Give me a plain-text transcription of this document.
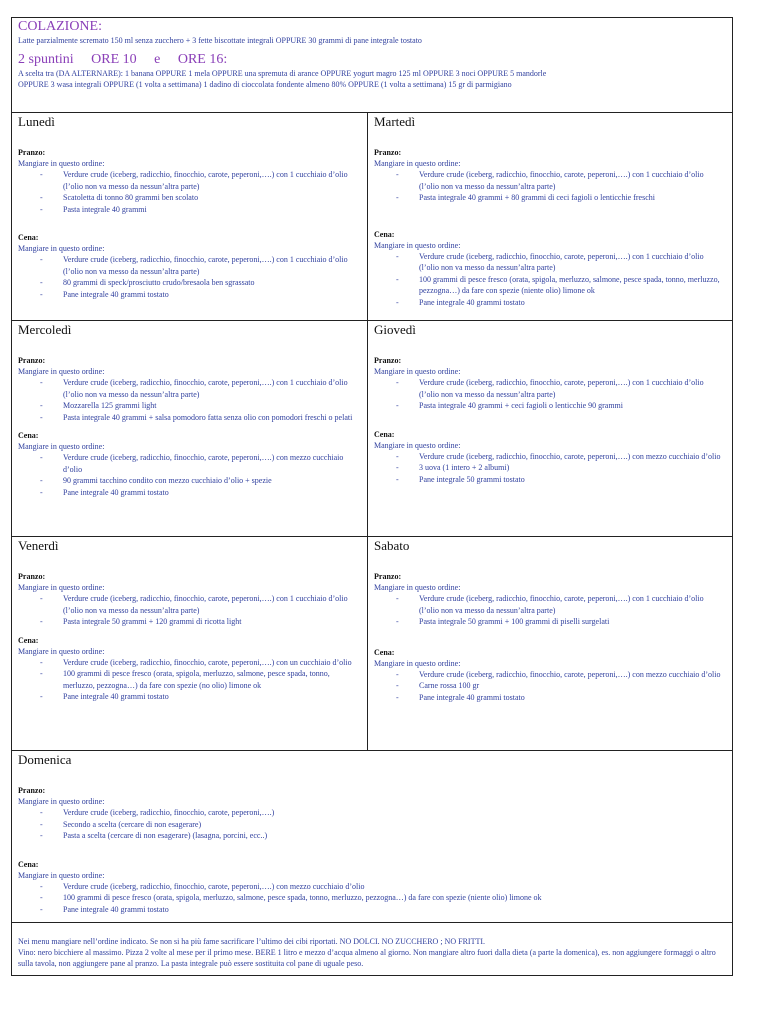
COLAZIONE:
Latte parzialmente scremato 150 ml senza zucchero + 3 fette biscottate integrali OPPURE 30 grammi di pane integrale tostato
2 spuntini ORE 10 e ORE 16:
A scelta tra (DA ALTERNARE): 1 banana OPPURE 1 mela OPPURE una spremuta di arance OPPURE yogurt magro 125 ml OPPURE 3 noci OPPURE 5 mandorle
OPPURE 3 wasa integrali OPPURE (1 volta a settimana) 1 dadino di cioccolata fondente almeno 80% OPPURE (1 volta a settimana) 15 gr di parmigiano
Lunedì
Pranzo:
Mangiare in questo ordine:
- Verdure crude (iceberg, radicchio, finocchio, carote, peperoni,….) con 1 cucchiaio d’olio (l’olio non va messo da nessun’altra parte)
- Scatoletta di tonno 80 grammi ben scolato
- Pasta integrale 40 grammi
Cena:
Mangiare in questo ordine:
- Verdure crude (iceberg, radicchio, finocchio, carote, peperoni,….) con 1 cucchiaio d’olio (l’olio non va messo da nessun’altra parte)
- 80 grammi di speck/prosciutto crudo/bresaola ben sgrassato
- Pane integrale 40 grammi tostato
Martedì
Pranzo:
Mangiare in questo ordine:
- Verdure crude (iceberg, radicchio, finocchio, carote, peperoni,….) con 1 cucchiaio d’olio (l’olio non va messo da nessun’altra parte)
- Pasta integrale 40 grammi + 80 grammi di ceci fagioli o lenticchie freschi
Cena:
Mangiare in questo ordine:
- Verdure crude (iceberg, radicchio, finocchio, carote, peperoni,….) con 1 cucchiaio d’olio (l’olio non va messo da nessun’altra parte)
- 100 grammi di pesce fresco (orata, spigola, merluzzo, salmone, pesce spada, tonno, merluzzo, pezzogna…) da fare con spezie (niente olio) limone ok
- Pane integrale 40 grammi tostato
Mercoledì
Pranzo:
Mangiare in questo ordine:
- Verdure crude (iceberg, radicchio, finocchio, carote, peperoni,….) con 1 cucchiaio d’olio (l’olio non va messo da nessun’altra parte)
- Mozzarella 125 grammi light
- Pasta integrale 40 grammi + salsa pomodoro fatta senza olio con pomodori freschi o pelati
Cena:
Mangiare in questo ordine:
- Verdure crude (iceberg, radicchio, finocchio, carote, peperoni,….) con mezzo cucchiaio d’olio
- 90 grammi tacchino condito con mezzo cucchiaio d’olio + spezie
- Pane integrale 40 grammi tostato
Giovedì
Pranzo:
Mangiare in questo ordine:
- Verdure crude (iceberg, radicchio, finocchio, carote, peperoni,….) con 1 cucchiaio d’olio (l’olio non va messo da nessun’altra parte)
- Pasta integrale 40 grammi + ceci fagioli o lenticchie 90 grammi
Cena:
Mangiare in questo ordine:
- Verdure crude (iceberg, radicchio, finocchio, carote, peperoni,….) con mezzo cucchiaio d’olio
- 3 uova (1 intero + 2 albumi)
- Pane integrale 50 grammi tostato
Venerdì
Pranzo:
Mangiare in questo ordine:
- Verdure crude (iceberg, radicchio, finocchio, carote, peperoni,….) con 1 cucchiaio d’olio (l’olio non va messo da nessun’altra parte)
- Pasta integrale 50 grammi + 120 grammi di ricotta light
Cena:
Mangiare in questo ordine:
- Verdure crude (iceberg, radicchio, finocchio, carote, peperoni,….) con un cucchiaio d’olio
- 100 grammi di pesce fresco (orata, spigola, merluzzo, salmone, pesce spada, tonno, merluzzo, pezzogna…) da fare con spezie (no olio) limone ok
- Pane integrale 40 grammi tostato
Sabato
Pranzo:
Mangiare in questo ordine:
- Verdure crude (iceberg, radicchio, finocchio, carote, peperoni,….) con 1 cucchiaio d’olio (l’olio non va messo da nessun’altra parte)
- Pasta integrale 50 grammi + 100 grammi di piselli surgelati
Cena:
Mangiare in questo ordine:
- Verdure crude (iceberg, radicchio, finocchio, carote, peperoni,….) con mezzo cucchiaio d’olio
- Carne rossa 100 gr
- Pane integrale 40 grammi tostato
Domenica
Pranzo:
Mangiare in questo ordine:
- Verdure crude (iceberg, radicchio, finocchio, carote, peperoni,….)
- Secondo a scelta (cercare di non esagerare)
- Pasta a scelta (cercare di non esagerare) (lasagna, porcini, ecc..)
Cena:
Mangiare in questo ordine:
- Verdure crude (iceberg, radicchio, finocchio, carote, peperoni,….) con mezzo cucchiaio d’olio
- 100 grammi di pesce fresco (orata, spigola, merluzzo, salmone, pesce spada, tonno, merluzzo, pezzogna…) da fare con spezie (niente olio) limone ok
- Pane integrale 40 grammi tostato
Nei menu mangiare nell’ordine indicato. Se non si ha più fame sacrificare l’ultimo dei cibi riportati. NO DOLCI. NO ZUCCHERO ; NO FRITTI.
Vino: nero bicchiere al massimo. Pizza 2 volte al mese per il primo mese. BERE 1 litro e mezzo d’acqua almeno al giorno. Non mangiare altro fuori dalla dieta (a parte la domenica), es. non aggiungere formaggi o altro sulla tavola, non aggiungere pane al pranzo. La pasta integrale può essere sostituita col pane di uguale peso.
